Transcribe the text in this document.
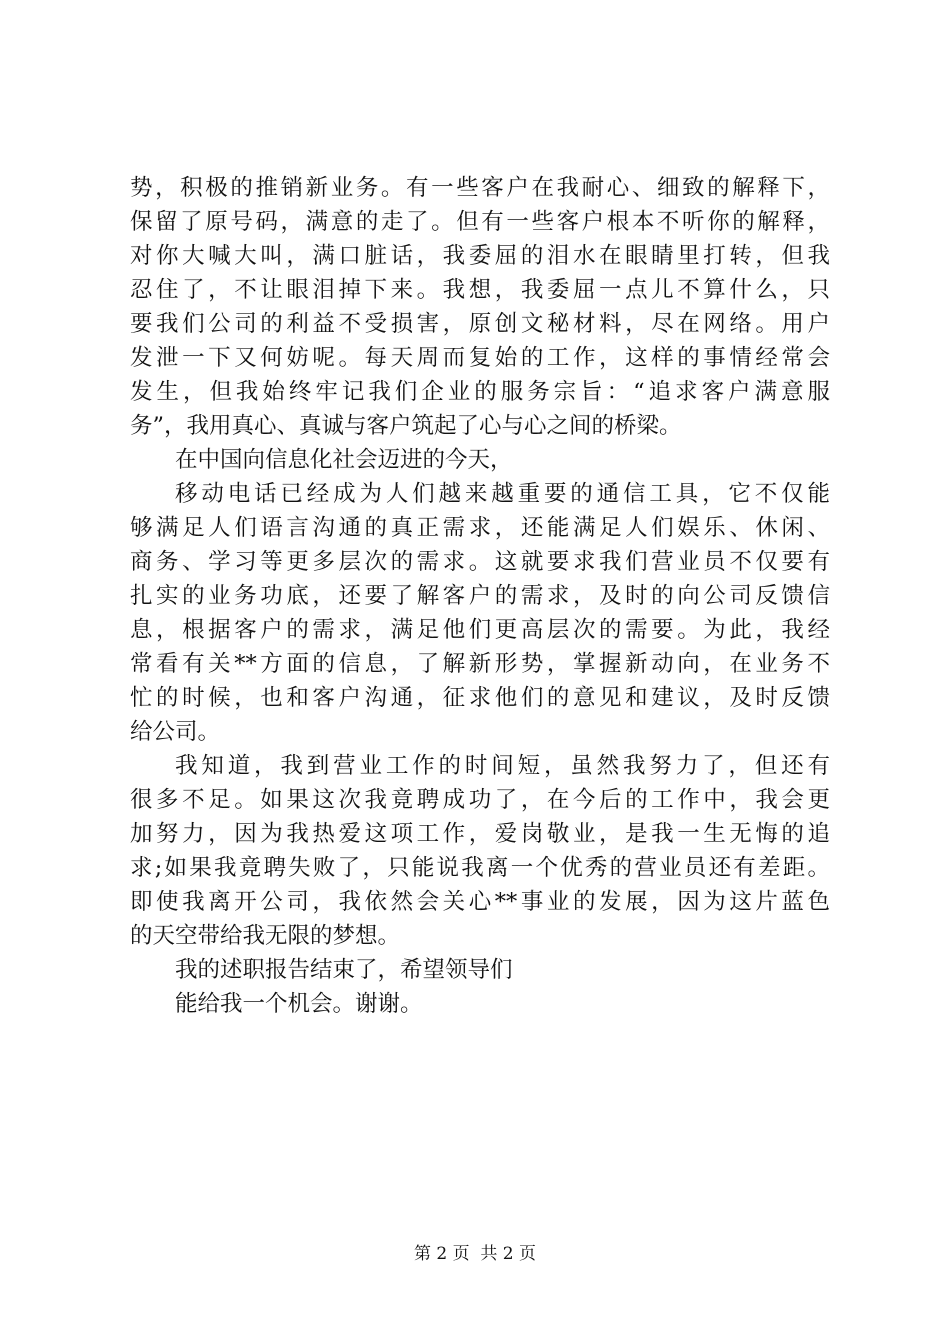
势，积极的推销新业务。有一些客户在我耐心、细致的解释下，
保留了原号码，满意的走了。但有一些客户根本不听你的解释，
对你大喊大叫，满口脏话，我委屈的泪水在眼睛里打转，但我
忍住了，不让眼泪掉下来。我想，我委屈一点儿不算什么，只
要我们公司的利益不受损害，原创文秘材料，尽在网络。用户
发泄一下又何妨呢。每天周而复始的工作，这样的事情经常会
发生，但我始终牢记我们企业的服务宗旨：“追求客户满意服
务”，我用真心、真诚与客户筑起了心与心之间的桥梁。
在中国向信息化社会迈进的今天，
移动电话已经成为人们越来越重要的通信工具，它不仅能
够满足人们语言沟通的真正需求，还能满足人们娱乐、休闲、
商务、学习等更多层次的需求。这就要求我们营业员不仅要有
扎实的业务功底，还要了解客户的需求，及时的向公司反馈信
息，根据客户的需求，满足他们更高层次的需要。为此，我经
常看有关**方面的信息，了解新形势，掌握新动向，在业务不
忙的时候，也和客户沟通，征求他们的意见和建议，及时反馈
给公司。
我知道，我到营业工作的时间短，虽然我努力了，但还有
很多不足。如果这次我竟聘成功了，在今后的工作中，我会更
加努力，因为我热爱这项工作，爱岗敬业，是我一生无悔的追
求;如果我竟聘失败了，只能说我离一个优秀的营业员还有差距。
即使我离开公司，我依然会关心**事业的发展，因为这片蓝色
的天空带给我无限的梦想。
我的述职报告结束了，希望领导们
能给我一个机会。谢谢。
第 2 页  共 2 页
